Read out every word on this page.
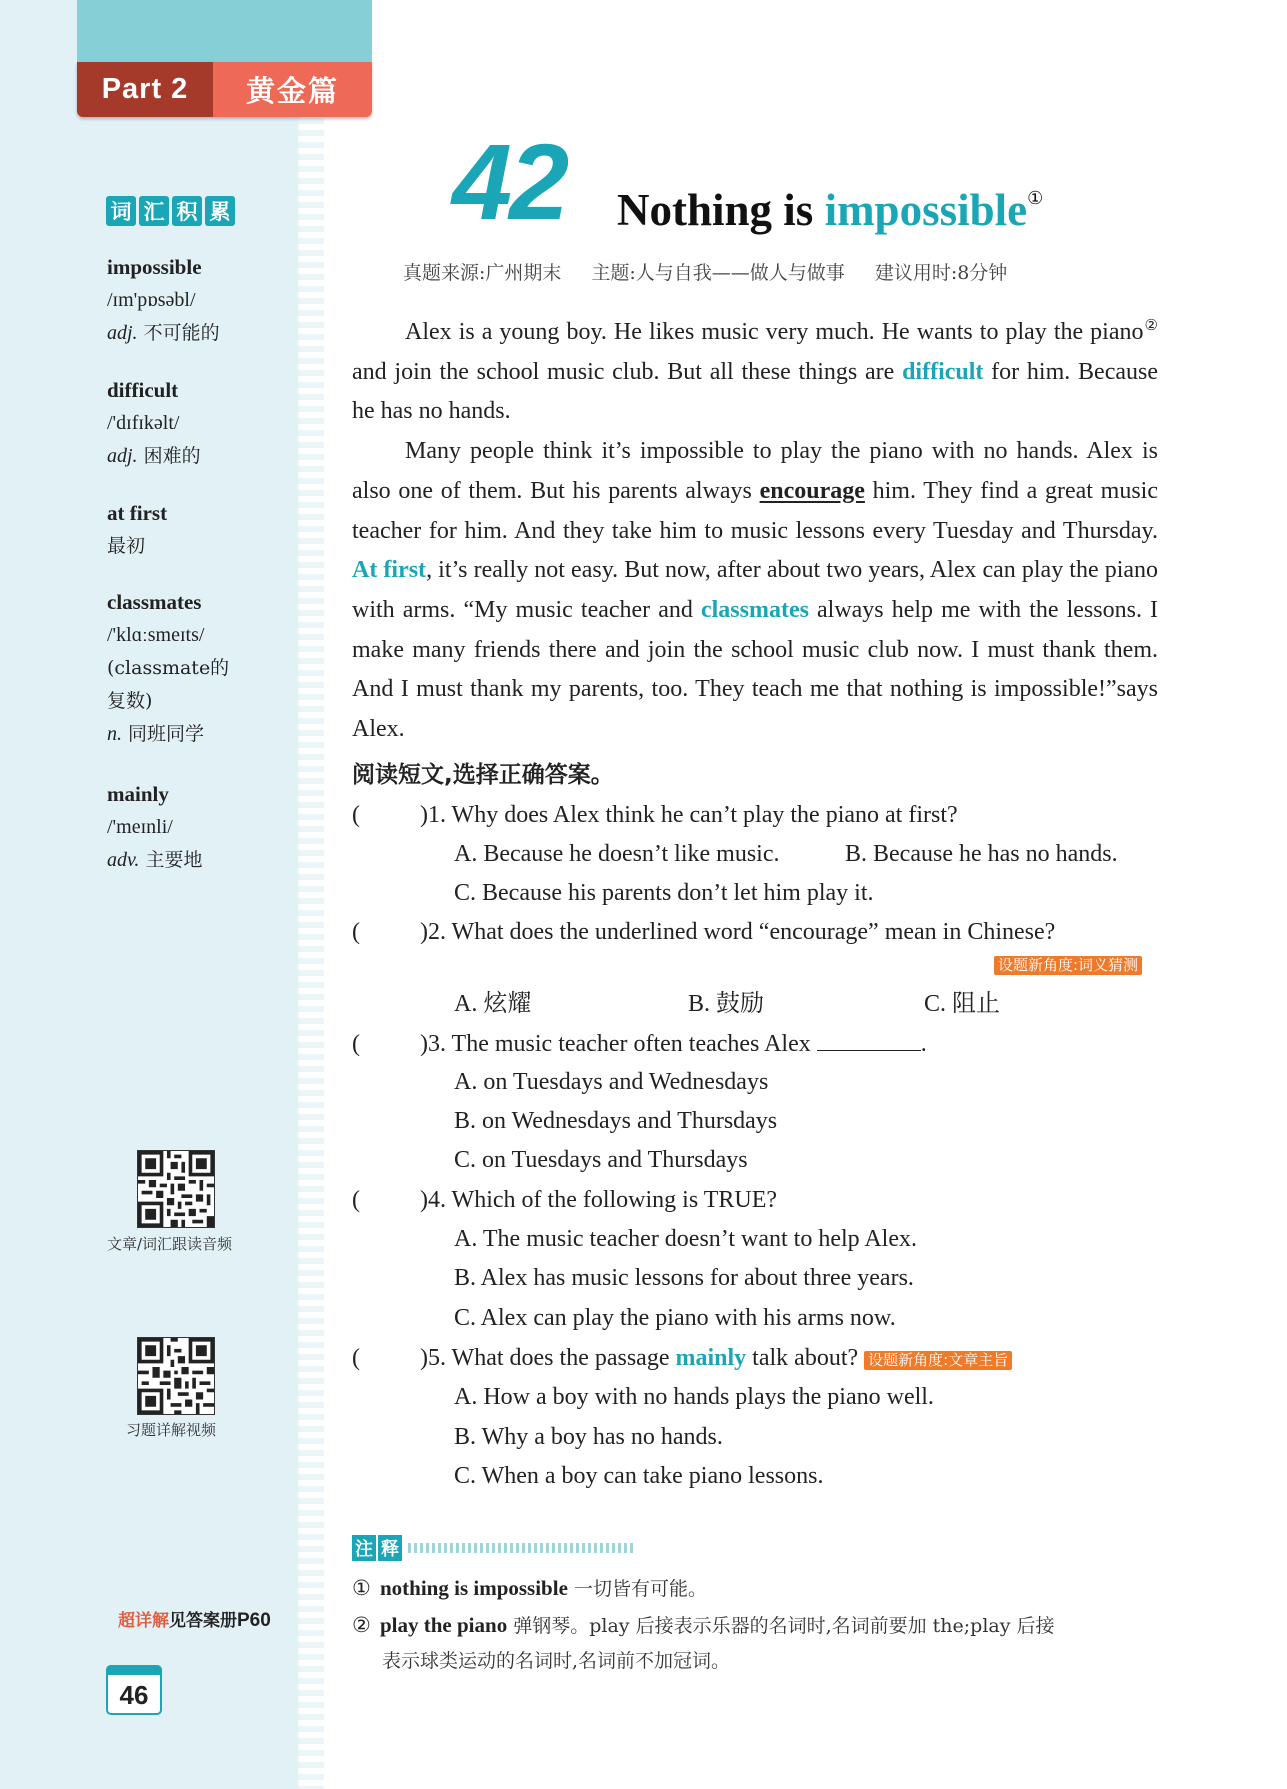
Part 2	黄金篇
词 汇 积 累
impossible
/ɪm'pɒsəbl/
adj. 不可能的
difficult
/'dɪfɪkəlt/
adj. 困难的
at first
最初
classmates
/'klɑːsmeɪts/
(classmate的
复数)
n. 同班同学
mainly
/'meɪnli/
adv. 主要地
文章/词汇跟读音频
习题详解视频
超详解见答案册P60
46
42 Nothing is impossible①
真题来源:广州期末 主题:人与自我——做人与做事 建议用时:8分钟

Alex is a young boy. He likes music very much. He wants to play the piano② and join the school music club. But all these things are difficult for him. Because he has no hands.

Many people think it’s impossible to play the piano with no hands. Alex is also one of them. But his parents always encourage him. They find a great music teacher for him. And they take him to music lessons every Tuesday and Thursday. At first, it’s really not easy. But now, after about two years, Alex can play the piano with arms. “My music teacher and classmates always help me with the lessons. I make many friends there and join the school music club now. I must thank them. And I must thank my parents, too. They teach me that nothing is impossible!”says Alex.

阅读短文,选择正确答案。
(	)1. Why does Alex think he can’t play the piano at first?
A. Because he doesn’t like music.	B. Because he has no hands.
C. Because his parents don’t let him play it.
(	)2. What does the underlined word “encourage” mean in Chinese?
设题新角度:词义猜测
A. 炫耀	B. 鼓励	C. 阻止
(	)3. The music teacher often teaches Alex	.
A. on Tuesdays and Wednesdays
B. on Wednesdays and Thursdays
C. on Tuesdays and Thursdays
(	)4. Which of the following is TRUE?
A. The music teacher doesn’t want to help Alex.
B. Alex has music lessons for about three years.
C. Alex can play the piano with his arms now.
(	)5. What does the passage mainly talk about? 设题新角度:文章主旨
A. How a boy with no hands plays the piano well.
B. Why a boy has no hands.
C. When a boy can take piano lessons.
注 释
① nothing is impossible 一切皆有可能。
② play the piano 弹钢琴。play 后接表示乐器的名词时,名词前要加 the;play 后接
表示球类运动的名词时,名词前不加冠词。
